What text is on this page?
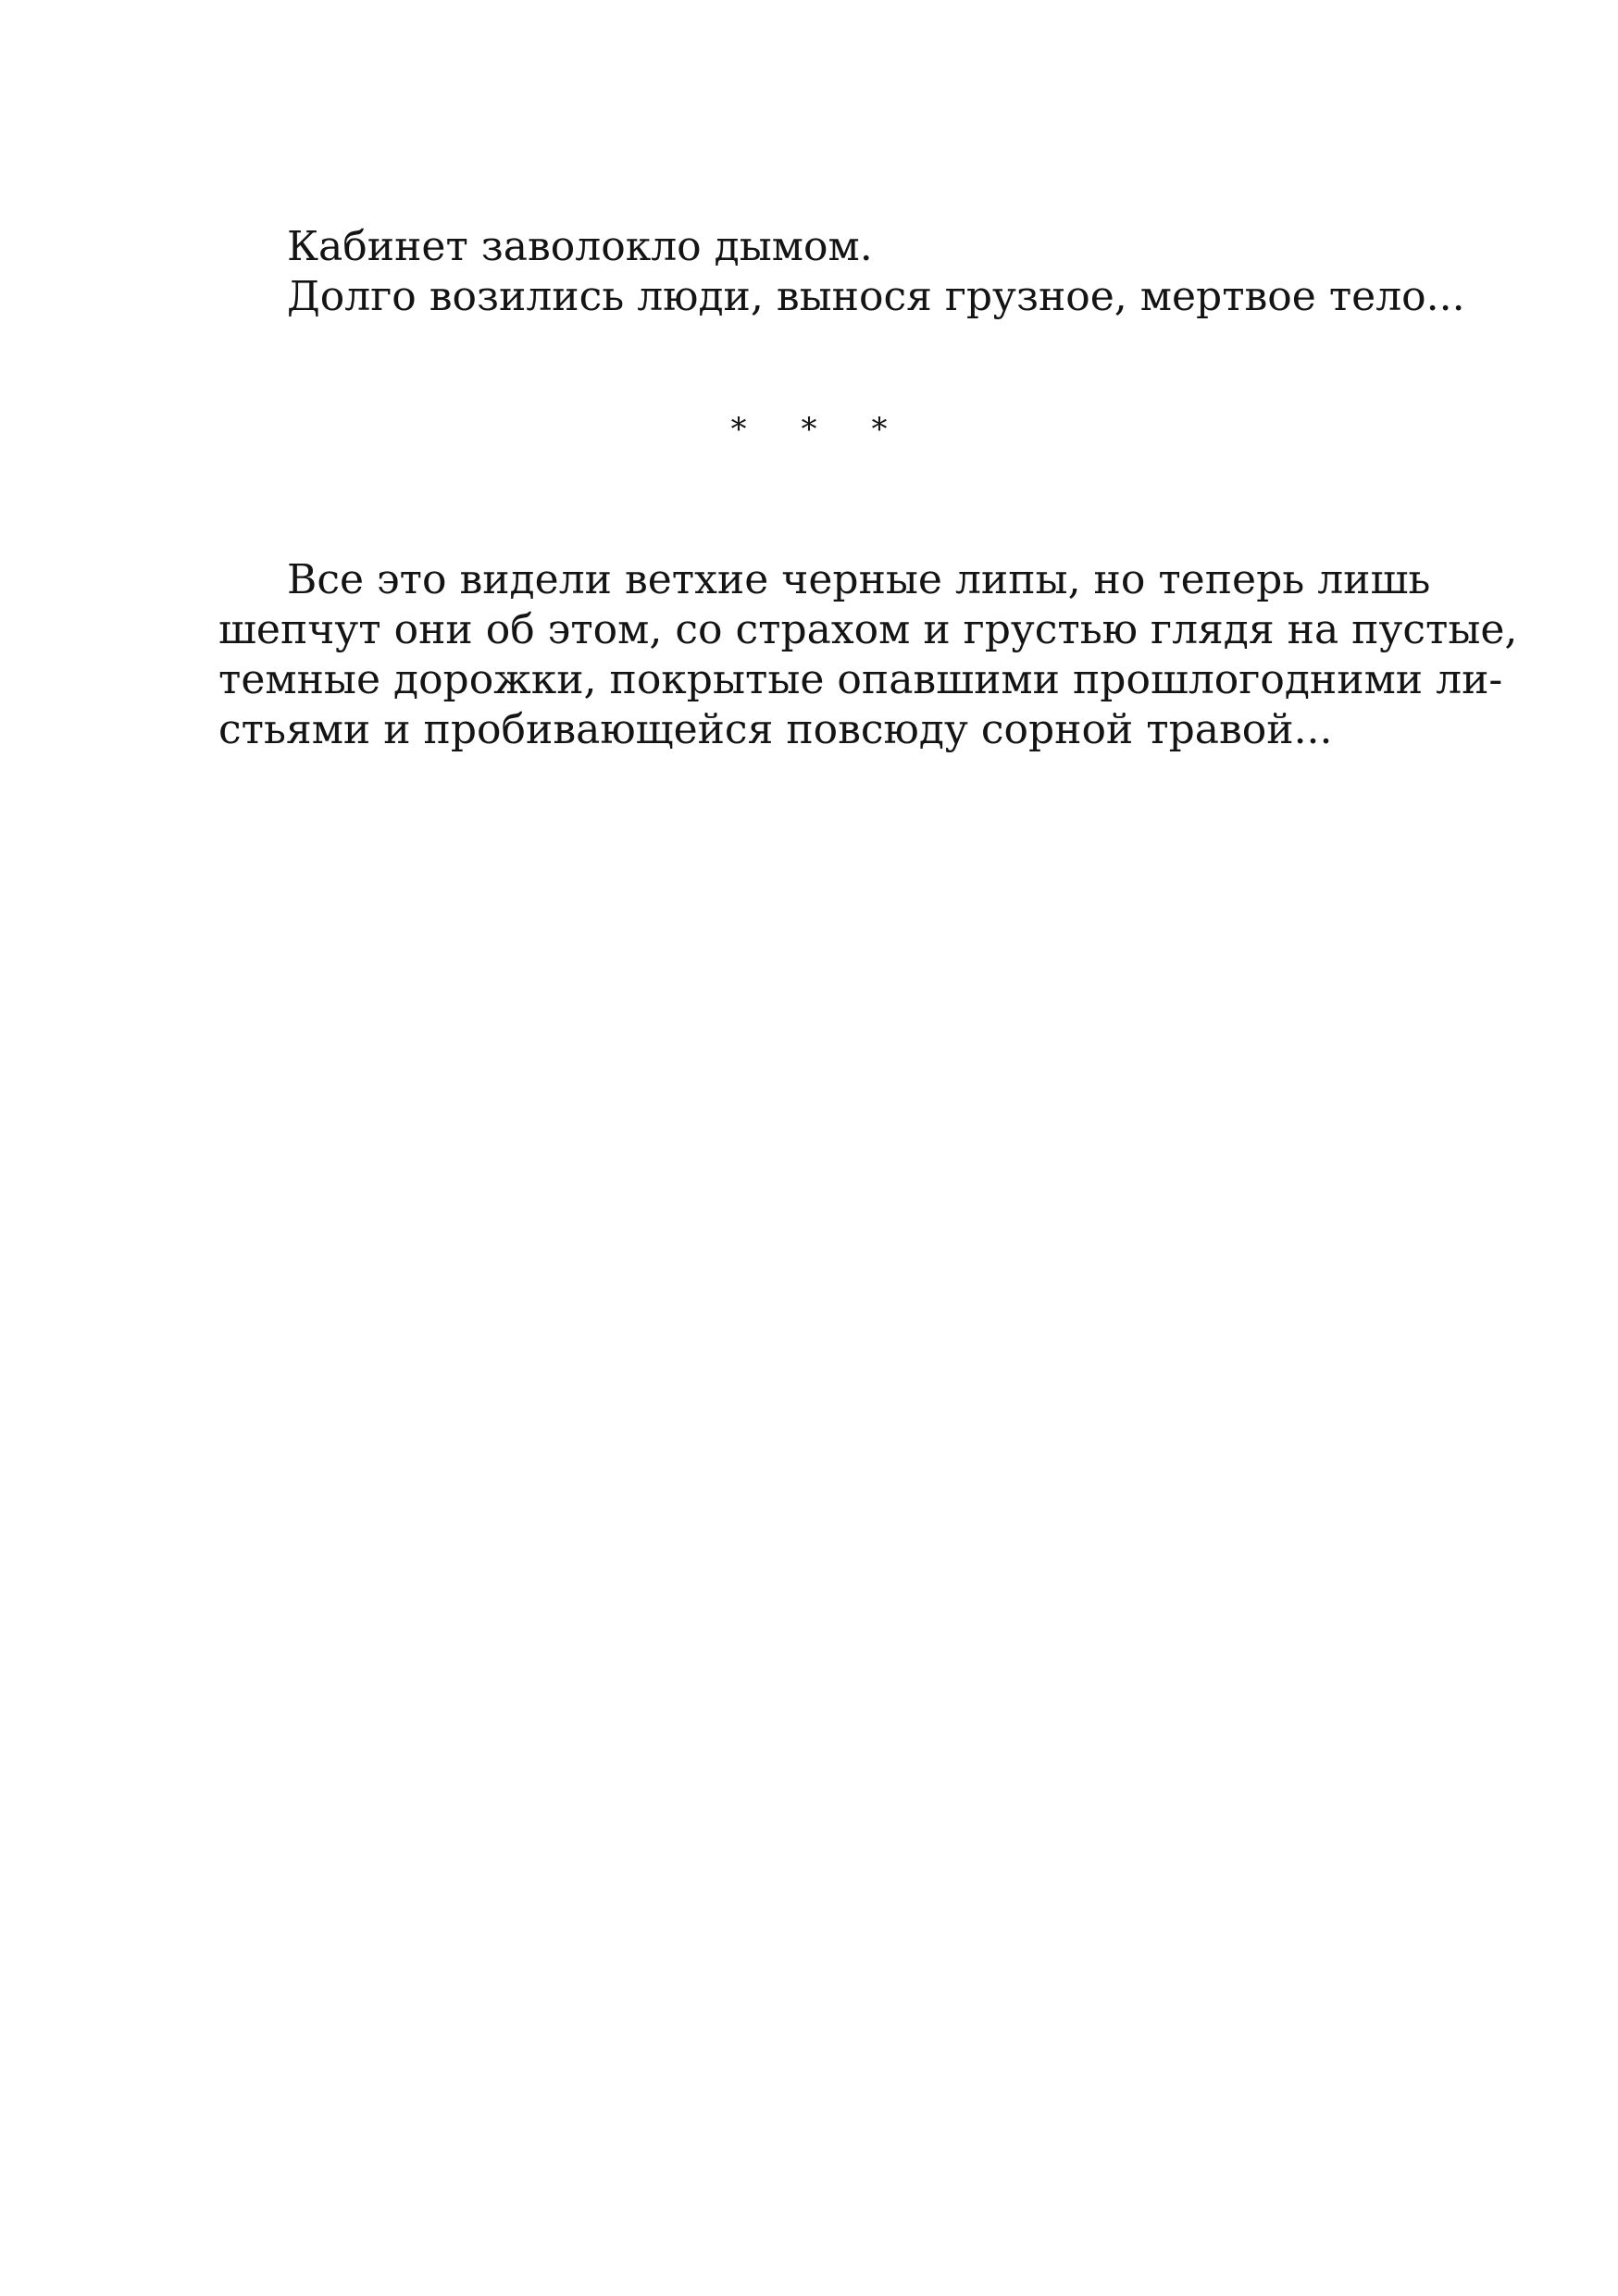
Кабинет заволокло дымом.
Долго возились люди, вынося грузное, мертвое тело...
* * *
Все это видели ветхие черные липы, но теперь лишь
шепчут они об этом, со страхом и грустью глядя на пустые,
темные дорожки, покрытые опавшими прошлогодними ли-
стьями и пробивающейся повсюду сорной травой...
